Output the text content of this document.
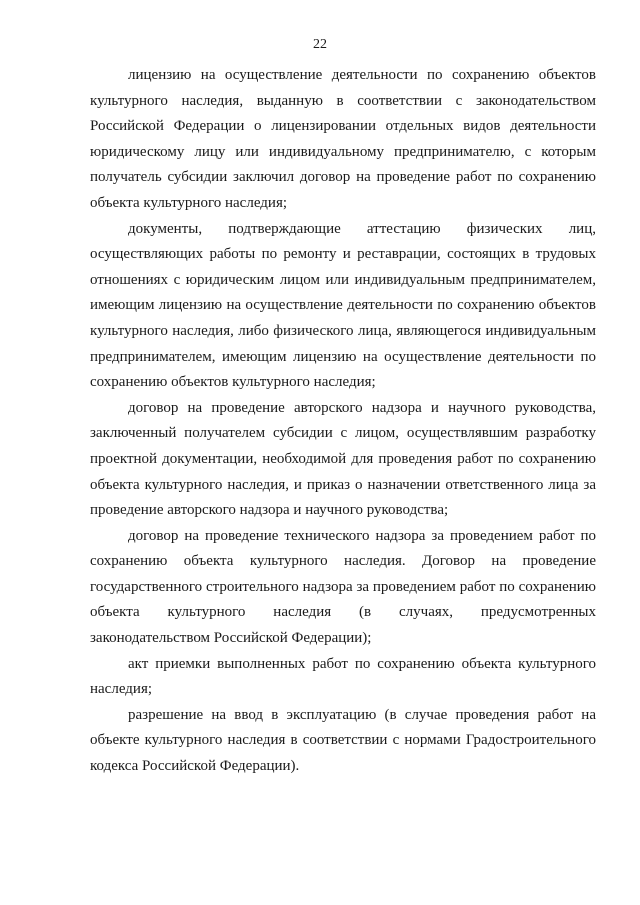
22

лицензию на осуществление деятельности по сохранению объектов культурного наследия, выданную в соответствии с законодательством Российской Федерации о лицензировании отдельных видов деятельности юридическому лицу или индивидуальному предпринимателю, с которым получатель субсидии заключил договор на проведение работ по сохранению объекта культурного наследия;

документы, подтверждающие аттестацию физических лиц, осуществляющих работы по ремонту и реставрации, состоящих в трудовых отношениях с юридическим лицом или индивидуальным предпринимателем, имеющим лицензию на осуществление деятельности по сохранению объектов культурного наследия, либо физического лица, являющегося индивидуальным предпринимателем, имеющим лицензию на осуществление деятельности по сохранению объектов культурного наследия;

договор на проведение авторского надзора и научного руководства, заключенный получателем субсидии с лицом, осуществлявшим разработку проектной документации, необходимой для проведения работ по сохранению объекта культурного наследия, и приказ о назначении ответственного лица за проведение авторского надзора и научного руководства;

договор на проведение технического надзора за проведением работ по сохранению объекта культурного наследия. Договор на проведение государственного строительного надзора за проведением работ по сохранению объекта культурного наследия (в случаях, предусмотренных законодательством Российской Федерации);

акт приемки выполненных работ по сохранению объекта культурного наследия;

разрешение на ввод в эксплуатацию (в случае проведения работ на объекте культурного наследия в соответствии с нормами Градостроительного кодекса Российской Федерации).
